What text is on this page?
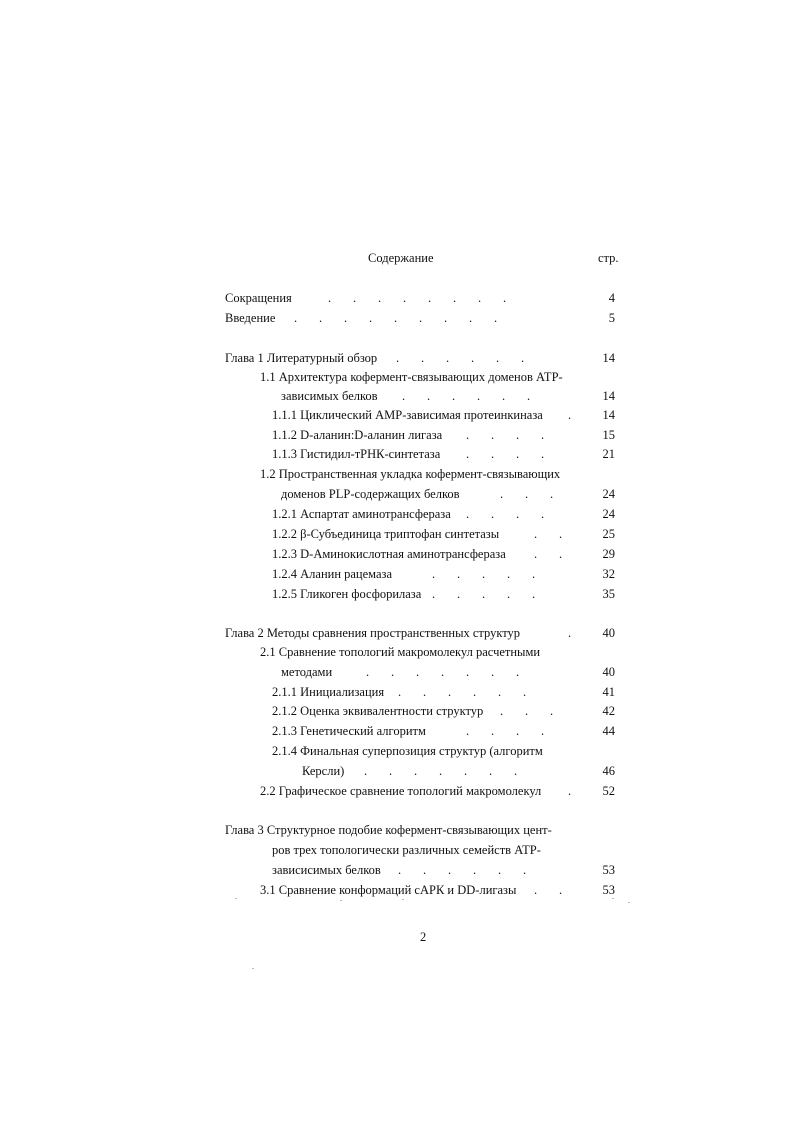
Содержание	стр.
Сокращения	.       .       .       .       .       .       .       .	4
Введение .       .       .       .       .       .       .       .       .	5
Глава 1 Литературный обзор .       .       .       .       .       .	14
1.1 Архитектура кофермент-связывающих доменов АТР-
зависимых белков .       .       .       .       .       .	14
1.1.1 Циклический АМР-зависимая протеинкиназа .	14
1.1.2 D-аланин:D-аланин лигаза .       .       .       .	15
1.1.3 Гистидил-тРНК-синтетаза .       .       .       .	21
1.2 Пространственная укладка кофермент-связывающих
доменов PLP-содержащих белков	.       .       .	24
1.2.1 Аспартат аминотрансфераза .       .       .       .	24
1.2.2 β-Субъединица триптофан синтетазы	.       .	25
1.2.3 D-Аминокислотная аминотрансфераза .       .	29
1.2.4 Аланин рацемаза	.       .       .       .       .	32
1.2.5 Гликоген фосфорилаза .       .       .       .       .	35
Глава 2 Методы сравнения пространственных структур	.	40
2.1 Сравнение топологий макромолекул расчетными
методами	.       .       .       .       .       .       .	40
2.1.1 Инициализация .       .       .       .       .       .	41
2.1.2 Оценка эквивалентности структур .       .       .	42
2.1.3 Генетический алгоритм	.       .       .       .	44
2.1.4 Финальная суперпозиция структур (алгоритм
Керсли) .       .       .       .       .       .       .	46
2.2 Графическое сравнение топологий макромолекул .	52
Глава 3 Структурное подобие кофермент-связывающих цент-
ров трех топологически различных семейств АТР-
зависисимых белков .       .       .       .       .       .	53
3.1 Сравнение конформаций сАРК и DD-лигазы .       .	53
2
